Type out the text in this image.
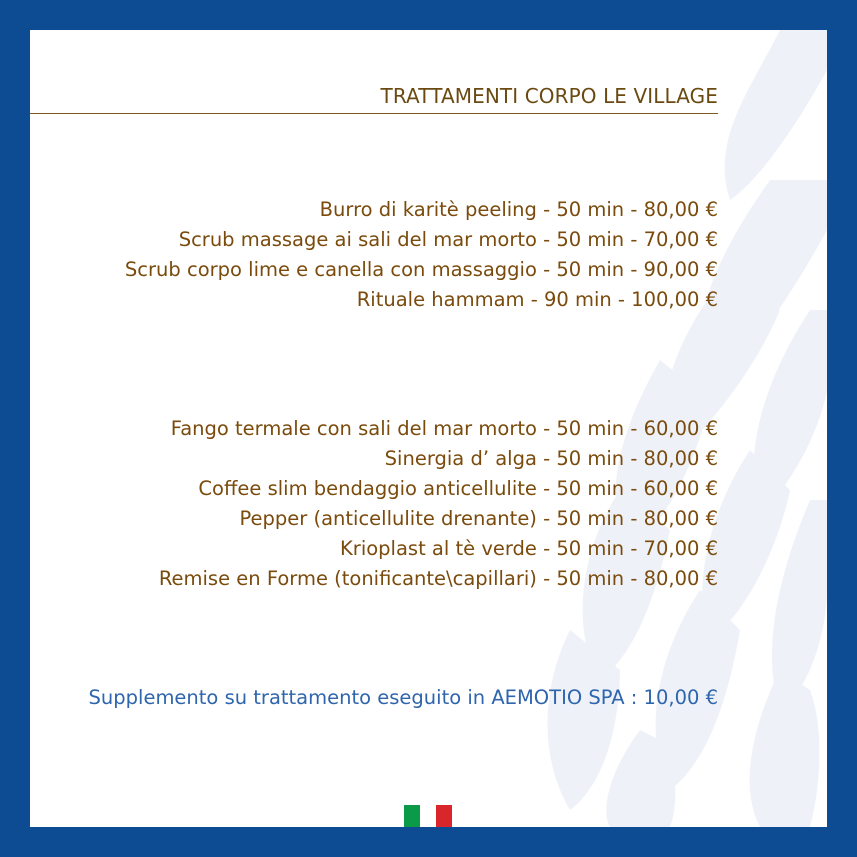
TRATTAMENTI CORPO LE VILLAGE
Burro di karitè peeling - 50 min - 80,00 €
Scrub massage ai sali del mar morto - 50 min - 70,00 €
Scrub corpo lime e canella con massaggio - 50 min - 90,00 €
Rituale hammam - 90 min - 100,00 €
Fango termale con sali del mar morto - 50 min - 60,00 €
Sinergia d’ alga - 50 min - 80,00 €
Coffee slim bendaggio anticellulite - 50 min - 60,00 €
Pepper (anticellulite drenante) - 50 min - 80,00 €
Krioplast al tè verde - 50 min - 70,00 €
Remise en Forme (tonificante\capillari) - 50 min - 80,00 €
Supplemento su trattamento eseguito in AEMOTIO SPA : 10,00 €
